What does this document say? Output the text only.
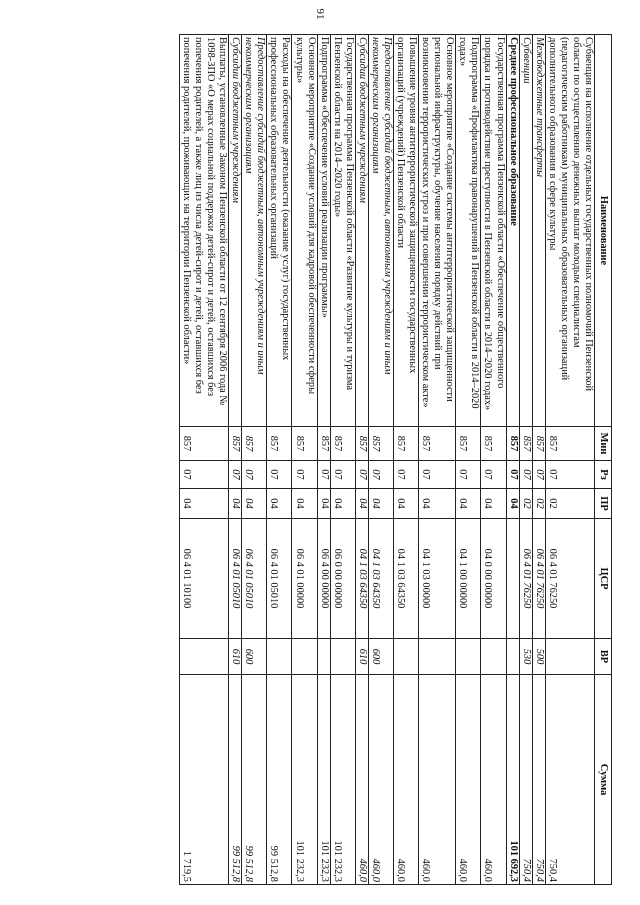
91
Наименование	Мин	Рз	ПР	ЦСР	ВР	Сумма
Субвенция на исполнение отдельных государственных полномочий Пензенской области по осуществлению денежных выплат молодым специалистам (педагогическим работникам) муниципальных образовательных организаций дополнительного образования в сфере культуры	857	07	02	06 4 01 76250		750,4
Межбюджетные трансферты	857	07	02	06 4 01 76250	500	750,4
Субвенции	857	07	02	06 4 01 76250	530	750,4
Среднее профессиональное образование	857	07	04			101 692,3
Государственная программа Пензенской области «Обеспечение общественного порядка и противодействие преступности в Пензенской области в 2014–2020 годах»	857	07	04	04 0 00 00000		460,0
Подпрограмма «Профилактика правонарушений в Пензенской области в 2014–2020 годах»	857	07	04	04 1 00 00000		460,0
Основное мероприятие «Создание системы антитеррористической защищенности региональной инфраструктуры, обучение населения порядку действий при возникновении террористических угроз и при совершении террористическом акте»	857	07	04	04 1 03 00000		460,0
Повышение уровня антитеррористической защищенности государственных организаций (учреждений) Пензенской области	857	07	04	04 1 03 64350		460,0
Предоставление субсидий бюджетным, автономным учреждениям и иным некоммерческим организациям	857	07	04	04 1 03 64350	600	460,0
Субсидии бюджетным учреждениям	857	07	04	04 1 03 64350	610	460,0
Государственная программа Пензенской области «Развитие культуры и туризма Пензенской области на 2014–2020 годы»	857	07	04	06 0 00 00000		101 232,3
Подпрограмма «Обеспечение условий реализации программы»	857	07	04	06 4 00 00000		101 232,3
Основное мероприятие «Создание условий для кадровой обеспеченности сферы культуры»	857	07	04	06 4 01 00000		101 232,3
Расходы на обеспечение деятельности (оказание услуг) государственных профессиональных образовательных организаций	857	07	04	06 4 01 05010		99 512,8
Предоставление субсидий бюджетным, автономным учреждениям и иным некоммерческим организациям	857	07	04	06 4 01 05010	600	99 512,8
Субсидии бюджетным учреждениям	857	07	04	06 4 01 05010	610	99 512,8
Выплаты, установленные Законом Пензенской области от 12 сентября 2006 года № 1098-ЗПО «О мерах социальной поддержки детей-сирот и детей, оставшихся без попечения родителей, а также лиц из числа детей-сирот и детей, оставшихся без попечения родителей, проживающих на территории Пензенской области»	857	07	04	06 4 01 10100		1 719,5
